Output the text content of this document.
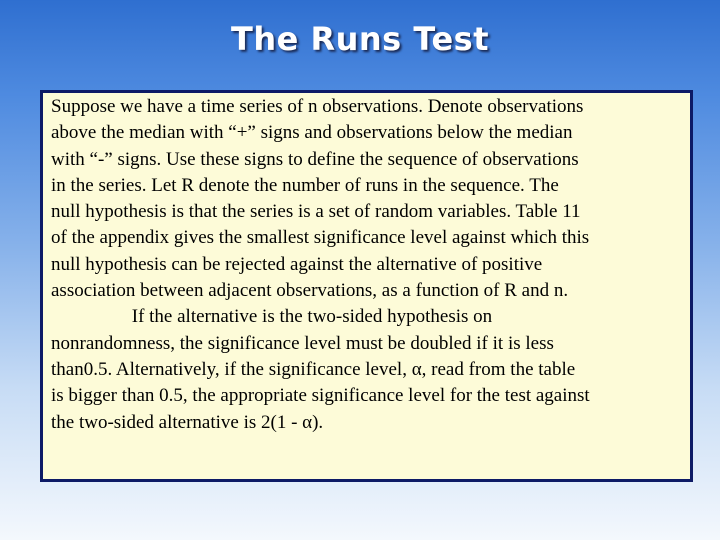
The Runs Test
Suppose we have a time series of n observations. Denote observations
above the median with “+” signs and observations below the median
with “-” signs. Use these signs to define the sequence of observations
in the series. Let R denote the number of runs in the sequence. The
null hypothesis is that the series is a set of random variables. Table 11
of the appendix gives the smallest significance level against which this
null hypothesis can be rejected against the alternative of positive
association between adjacent observations, as a function of R and n.
If the alternative is the two-sided hypothesis on
nonrandomness, the significance level must be doubled if it is less
than0.5. Alternatively, if the significance level, α, read from the table
is bigger than 0.5, the appropriate significance level for the test against
the two-sided alternative is 2(1 - α).
